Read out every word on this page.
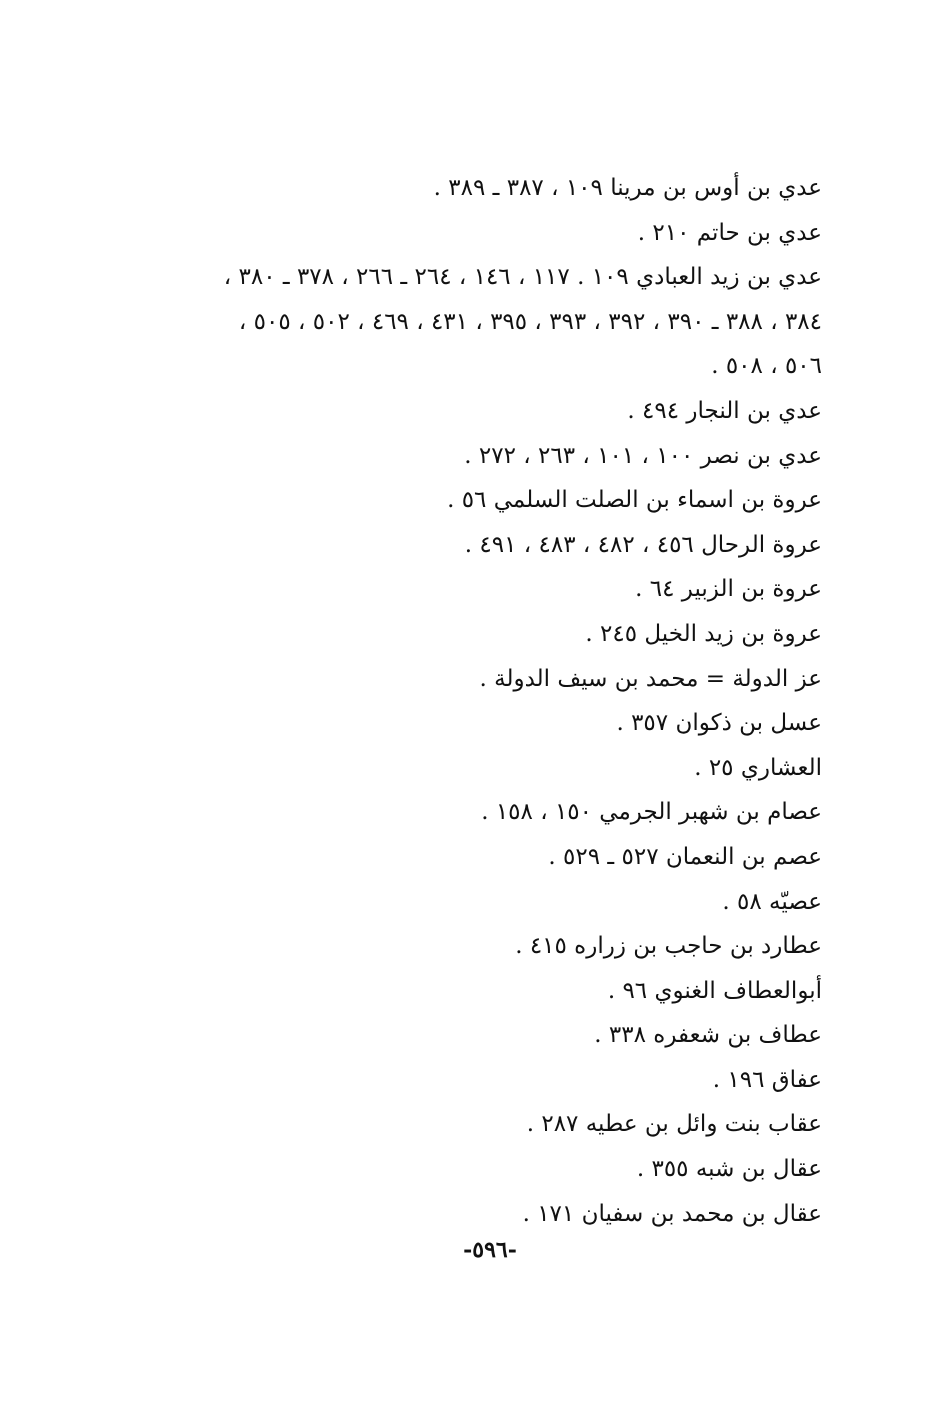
عدي بن أوس بن مرينا ١٠٩ ، ٣٨٧ ـ ٣٨٩ .
عدي بن حاتم ٢١٠ .
عدي بن زيد العبادي ١٠٩ . ١١٧ ، ١٤٦ ، ٢٦٤ ـ ٢٦٦ ، ٣٧٨ ـ ٣٨٠ ،
٣٨٤ ، ٣٨٨ ـ ٣٩٠ ، ٣٩٢ ، ٣٩٣ ، ٣٩٥ ، ٤٣١ ، ٤٦٩ ، ٥٠٢ ، ٥٠٥ ،
٥٠٦ ، ٥٠٨ .
عدي بن النجار ٤٩٤ .
عدي بن نصر ١٠٠ ، ١٠١ ، ٢٦٣ ، ٢٧٢ .
عروة بن اسماء بن الصلت السلمي ٥٦ .
عروة الرحال ٤٥٦ ، ٤٨٢ ، ٤٨٣ ، ٤٩١ .
عروة بن الزبير ٦٤ .
عروة بن زيد الخيل ٢٤٥ .
عز الدولة = محمد بن سيف الدولة .
عسل بن ذكوان ٣٥٧ .
العشاري ٢٥ .
عصام بن شهبر الجرمي ١٥٠ ، ١٥٨ .
عصم بن النعمان ٥٢٧ ـ ٥٢٩ .
عصيّه ٥٨ .
عطارد بن حاجب بن زراره ٤١٥ .
أبوالعطاف الغنوي ٩٦ .
عطاف بن شعفره ٣٣٨ .
عفاق ١٩٦ .
عقاب بنت وائل بن عطيه ٢٨٧ .
عقال بن شبه ٣٥٥ .
عقال بن محمد بن سفيان ١٧١ .
-٥٩٦-
